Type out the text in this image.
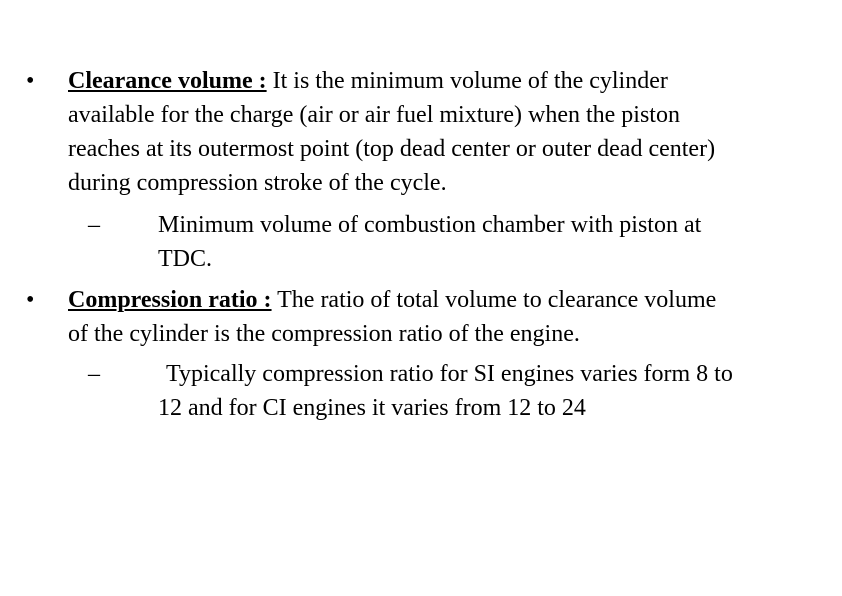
•	Clearance volume : It is the minimum volume of the cylinder
available for the charge (air or air fuel mixture) when the piston
reaches at its outermost point (top dead center or outer dead center)
during compression stroke of the cycle.
– Minimum volume of combustion chamber with piston at
TDC.
•	Compression ratio : The ratio of total volume to clearance volume
of the cylinder is the compression ratio of the engine.
–	Typically compression ratio for SI engines varies form 8 to
12 and for CI engines it varies from 12 to 24
